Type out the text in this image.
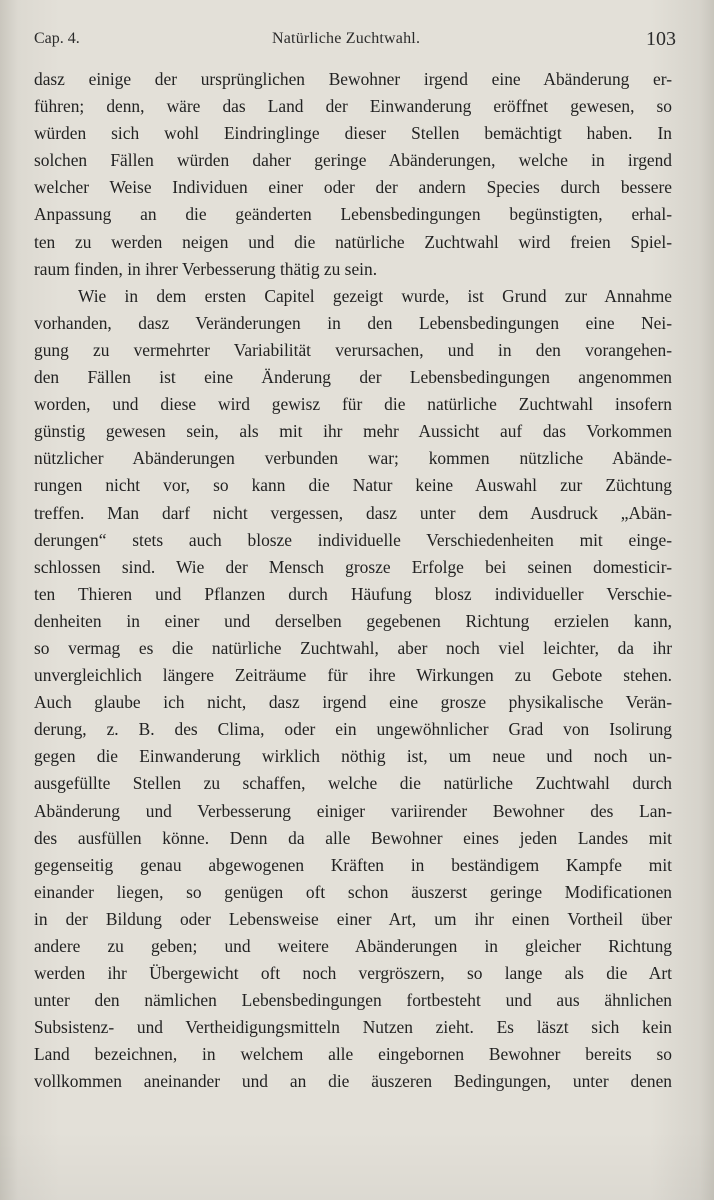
Cap. 4.	Natürliche Zuchtwahl.	103
dasz einige der ursprünglichen Bewohner irgend eine Abänderung er-
führen; denn, wäre das Land der Einwanderung eröffnet gewesen, so
würden sich wohl Eindringlinge dieser Stellen bemächtigt haben. In
solchen Fällen würden daher geringe Abänderungen, welche in irgend
welcher Weise Individuen einer oder der andern Species durch bessere
Anpassung an die geänderten Lebensbedingungen begünstigten, erhal-
ten zu werden neigen und die natürliche Zuchtwahl wird freien Spiel-
raum finden, in ihrer Verbesserung thätig zu sein.
Wie in dem ersten Capitel gezeigt wurde, ist Grund zur Annahme
vorhanden, dasz Veränderungen in den Lebensbedingungen eine Nei-
gung zu vermehrter Variabilität verursachen, und in den vorangehen-
den Fällen ist eine Änderung der Lebensbedingungen angenommen
worden, und diese wird gewisz für die natürliche Zuchtwahl insofern
günstig gewesen sein, als mit ihr mehr Aussicht auf das Vorkommen
nützlicher Abänderungen verbunden war; kommen nützliche Abände-
rungen nicht vor, so kann die Natur keine Auswahl zur Züchtung
treffen. Man darf nicht vergessen, dasz unter dem Ausdruck „Abän-
derungen“ stets auch blosze individuelle Verschiedenheiten mit einge-
schlossen sind. Wie der Mensch grosze Erfolge bei seinen domesticir-
ten Thieren und Pflanzen durch Häufung blosz individueller Verschie-
denheiten in einer und derselben gegebenen Richtung erzielen kann,
so vermag es die natürliche Zuchtwahl, aber noch viel leichter, da ihr
unvergleichlich längere Zeiträume für ihre Wirkungen zu Gebote stehen.
Auch glaube ich nicht, dasz irgend eine grosze physikalische Verän-
derung, z. B. des Clima, oder ein ungewöhnlicher Grad von Isolirung
gegen die Einwanderung wirklich nöthig ist, um neue und noch un-
ausgefüllte Stellen zu schaffen, welche die natürliche Zuchtwahl durch
Abänderung und Verbesserung einiger variirender Bewohner des Lan-
des ausfüllen könne. Denn da alle Bewohner eines jeden Landes mit
gegenseitig genau abgewogenen Kräften in beständigem Kampfe mit
einander liegen, so genügen oft schon äuszerst geringe Modificationen
in der Bildung oder Lebensweise einer Art, um ihr einen Vortheil über
andere zu geben; und weitere Abänderungen in gleicher Richtung
werden ihr Übergewicht oft noch vergröszern, so lange als die Art
unter den nämlichen Lebensbedingungen fortbesteht und aus ähnlichen
Subsistenz- und Vertheidigungsmitteln Nutzen zieht. Es läszt sich kein
Land bezeichnen, in welchem alle eingebornen Bewohner bereits so
vollkommen aneinander und an die äuszeren Bedingungen, unter denen
